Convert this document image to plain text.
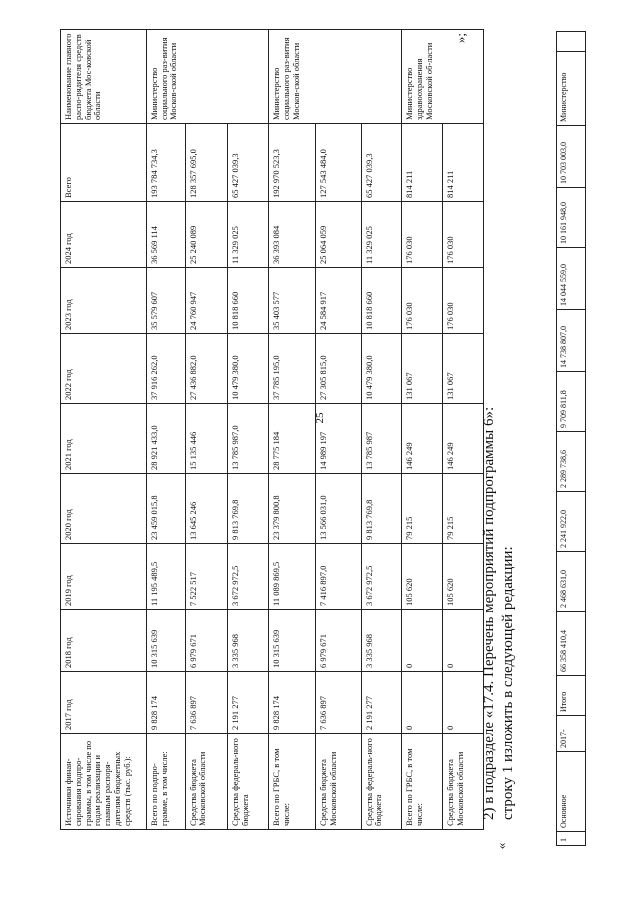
25
Источники финан-сирования подпро-граммы, в том числе по годам реализации и главным распоря-дителям бюджетных средств (тыс. руб.):	2017 год	2018 год	2019 год	2020 год	2021 год	2022 год	2023 год	2024 год	Всего	Наименование главного распо-рядителя средств бюджета Мос-ковской области
Всего по подпро-грамме, в том числе:	9 828 174	10 315 639	11 195 489,5	23 459 015,8	28 921 433,0	37 916 262,0	35 579 607	36 569 114	193 784 734,3	Министерство социального раз-вития Москов-ской области
Средства бюджета Московской области	7 636 897	6 979 671	7 522 517	13 645 246	15 135 446	27 436 882,0	24 760 947	25 240 089	128 357 695,0	
Средства федераль-ного бюджета	2 191 277	3 335 968	3 672 972,5	9 813 769,8	13 785 987,0	10 479 380,0	10 818 660	11 329 025	65 427 039,3	
Всего по ГРБС, в том числе:	9 828 174	10 315 639	11 089 869,5	23 379 800,8	28 775 184	37 785 195,0	35 403 577	36 393 084	192 970 523,3	Министерство социального раз-вития Москов-ской области
Средства бюджета Московской области	7 636 897	6 979 671	7 416 897,0	13 566 031,0	14 989 197	27 305 815,0	24 584 917	25 064 059	127 543 484,0	
Средства федераль-ного бюджета	2 191 277	3 335 968	3 672 972,5	9 813 769,8	13 785 987	10 479 380,0	10 818 660	11 329 025	65 427 039,3	
Всего по ГРБС, в том числе:	0	0	105 620	79 215	146 249	131 067	176 030	176 030	814 211	Министерство здравоохранения Московской об-ласти
Средства бюджета Московской области	0	0	105 620	79 215	146 249	131 067	176 030	176 030	814 211	
»;

2) в подразделе «17.4. Перечень мероприятий подпрограммы 6»: строку 1 изложить в следующей редакции:

«
1	Основное	2017-	Итого	66 358 410,4	2 468 631,0	2 241 922,0	2 289 738,6	9 709 811,8	14 738 807,0	14 044 559,0	10 161 948,0	10 703 003,0	Министерство	
